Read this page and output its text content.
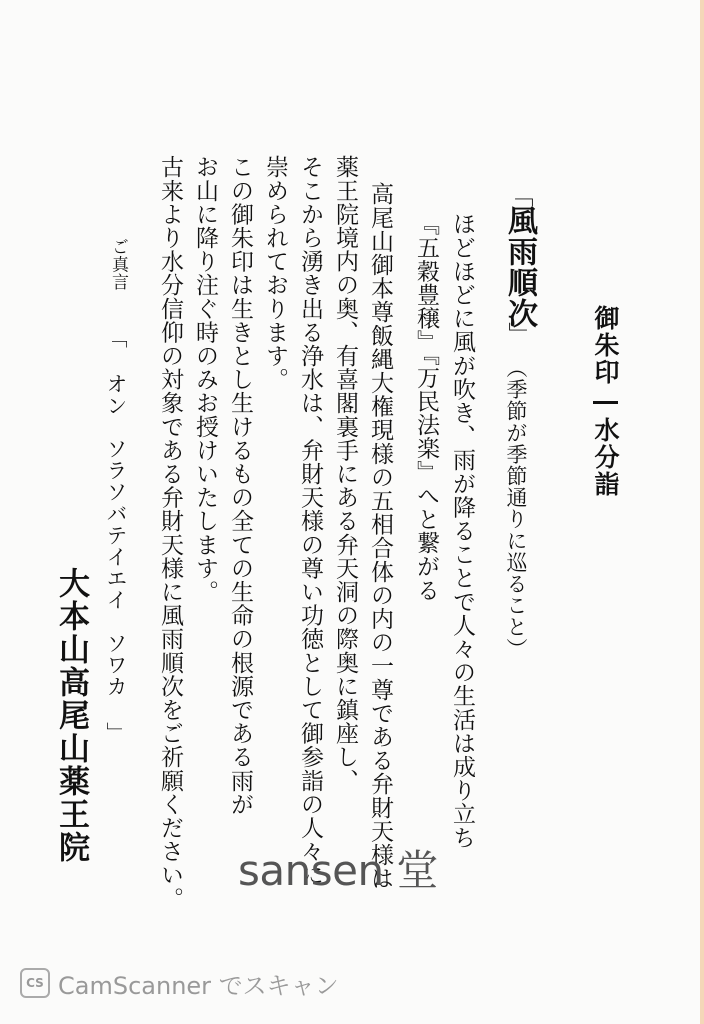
御朱印―水分詣
「
風雨順次
」
（季節が季節通りに巡ること）
ほどほどに風が吹き、雨が降ることで人々の生活は成り立ち
『五穀豊穣』『万民法楽』へと繋がる
高尾山御本尊飯縄大権現様の五相合体の内の一尊である弁財天様は
薬王院境内の奥、有喜閣裏手にある弁天洞の際奥に鎮座し、
そこから湧き出る浄水は、弁財天様の尊い功徳として御参詣の人々に
崇められております。
この御朱印は生きとし生けるもの全ての生命の根源である雨が
お山に降り注ぐ時のみお授けいたします。
古来より水分信仰の対象である弁財天様に風雨順次をご祈願ください。
ご真言
「 オン　ソラソバテイエイ　ソワカ 」
大本山高尾山薬王院
sansen 堂
CS CamScanner でスキャン
